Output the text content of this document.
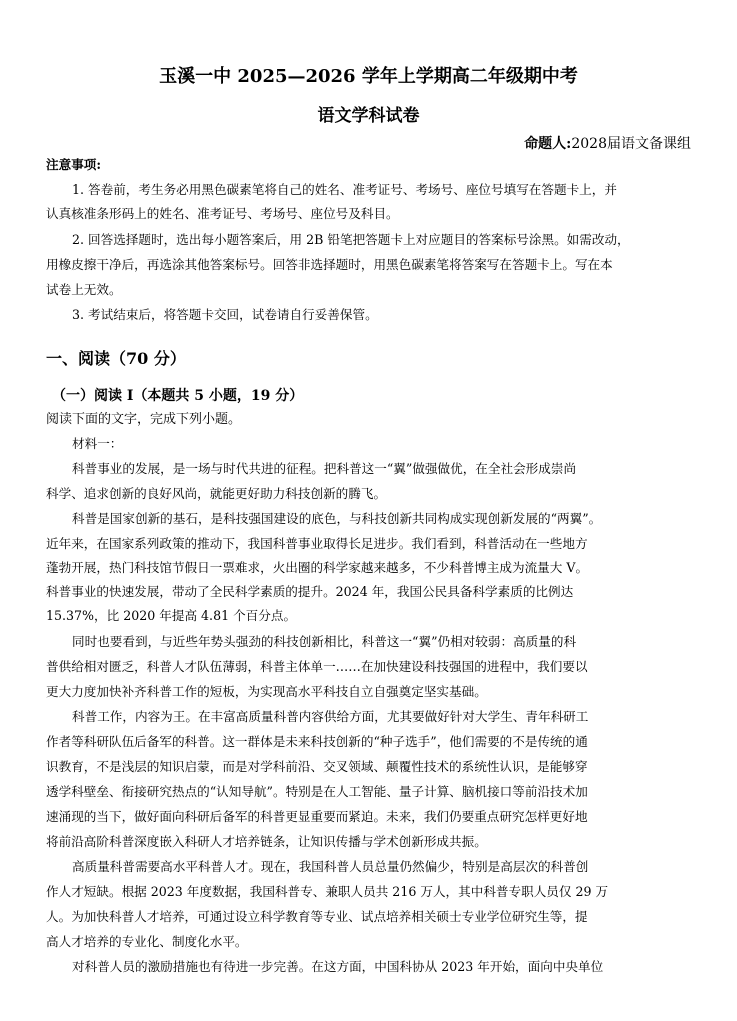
玉溪一中 2025—2026 学年上学期高二年级期中考
语文学科试卷
命题人:2028届语文备课组
注意事项:
1. 答卷前，考生务必用黑色碳素笔将自己的姓名、准考证号、考场号、座位号填写在答题卡上，并
认真核准条形码上的姓名、准考证号、考场号、座位号及科目。
2. 回答选择题时，选出每小题答案后，用 2B 铅笔把答题卡上对应题目的答案标号涂黑。如需改动，
用橡皮擦干净后，再选涂其他答案标号。回答非选择题时，用黑色碳素笔将答案写在答题卡上。写在本
试卷上无效。
3. 考试结束后，将答题卡交回，试卷请自行妥善保管。
一、阅读（70 分）
（一）阅读 I（本题共 5 小题，19 分）
阅读下面的文字，完成下列小题。
材料一：
科普事业的发展，是一场与时代共进的征程。把科普这一“翼”做强做优，在全社会形成崇尚
科学、追求创新的良好风尚，就能更好助力科技创新的腾飞。
科普是国家创新的基石，是科技强国建设的底色，与科技创新共同构成实现创新发展的“两翼”。
近年来，在国家系列政策的推动下，我国科普事业取得长足进步。我们看到，科普活动在一些地方
蓬勃开展，热门科技馆节假日一票难求，火出圈的科学家越来越多，不少科普博主成为流量大 V。
科普事业的快速发展，带动了全民科学素质的提升。2024 年，我国公民具备科学素质的比例达
15.37%，比 2020 年提高 4.81 个百分点。
同时也要看到，与近些年势头强劲的科技创新相比，科普这一“翼”仍相对较弱：高质量的科
普供给相对匮乏，科普人才队伍薄弱，科普主体单一……在加快建设科技强国的进程中，我们要以
更大力度加快补齐科普工作的短板，为实现高水平科技自立自强奠定坚实基础。
科普工作，内容为王。在丰富高质量科普内容供给方面，尤其要做好针对大学生、青年科研工
作者等科研队伍后备军的科普。这一群体是未来科技创新的“种子选手”，他们需要的不是传统的通
识教育，不是浅层的知识启蒙，而是对学科前沿、交叉领域、颠覆性技术的系统性认识，是能够穿
透学科壁垒、衔接研究热点的“认知导航”。特别是在人工智能、量子计算、脑机接口等前沿技术加
速涌现的当下，做好面向科研后备军的科普更显重要而紧迫。未来，我们仍要重点研究怎样更好地
将前沿高阶科普深度嵌入科研人才培养链条，让知识传播与学术创新形成共振。
高质量科普需要高水平科普人才。现在，我国科普人员总量仍然偏少，特别是高层次的科普创
作人才短缺。根据 2023 年度数据，我国科普专、兼职人员共 216 万人，其中科普专职人员仅 29 万
人。为加快科普人才培养，可通过设立科学教育等专业、试点培养相关硕士专业学位研究生等，提
高人才培养的专业化、制度化水平。
对科普人员的激励措施也有待进一步完善。在这方面，中国科协从 2023 年开始，面向中央单位
